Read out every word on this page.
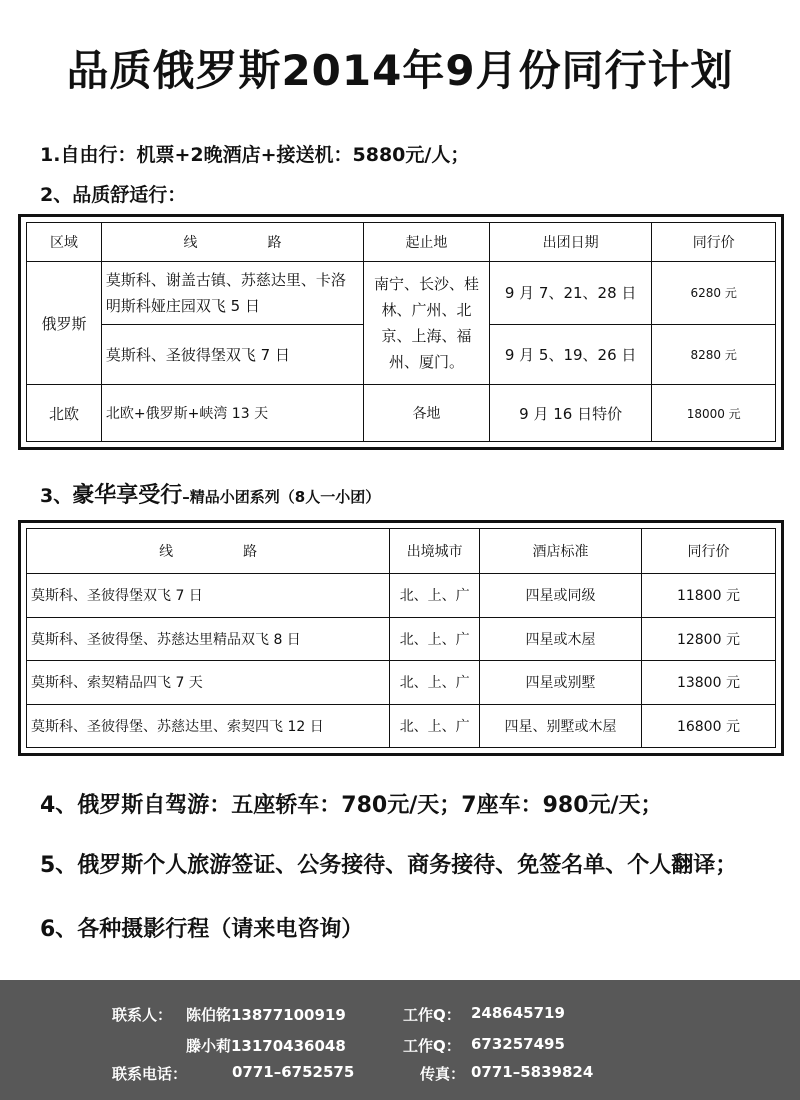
品质俄罗斯2014年9月份同行计划
1.自由行：机票+2晚酒店+接送机：5880元/人；
2、品质舒适行：
区域	线　　　　　路	起止地	出团日期	同行价
俄罗斯	莫斯科、谢盖古镇、苏慈达里、卡洛明斯科娅庄园双飞 5 日	南宁、长沙、桂林、广州、北京、上海、福州、厦门。	9 月 7、21、28 日	6280 元
	莫斯科、圣彼得堡双飞 7 日		9 月 5、19、26 日	8280 元
北欧	北欧+俄罗斯+峡湾 13 天	各地	9 月 16 日特价	18000 元
3、豪华享受行–精品小团系列（8人一小团）
线　　　　　路	出境城市	酒店标准	同行价
莫斯科、圣彼得堡双飞 7 日	北、上、广	四星或同级	11800 元
莫斯科、圣彼得堡、苏慈达里精品双飞 8 日	北、上、广	四星或木屋	12800 元
莫斯科、索契精品四飞 7 天	北、上、广	四星或别墅	13800 元
莫斯科、圣彼得堡、苏慈达里、索契四飞 12 日	北、上、广	四星、别墅或木屋	16800 元
4、俄罗斯自驾游：五座轿车：780元/天；7座车：980元/天；
5、俄罗斯个人旅游签证、公务接待、商务接待、免签名单、个人翻译；
6、各种摄影行程（请来电咨询）
联系人： 陈伯铭13877100919	工作Q： 248645719
滕小莉13170436048	工作Q： 673257495
联系电话：	0771–6752575	传真： 0771–5839824
